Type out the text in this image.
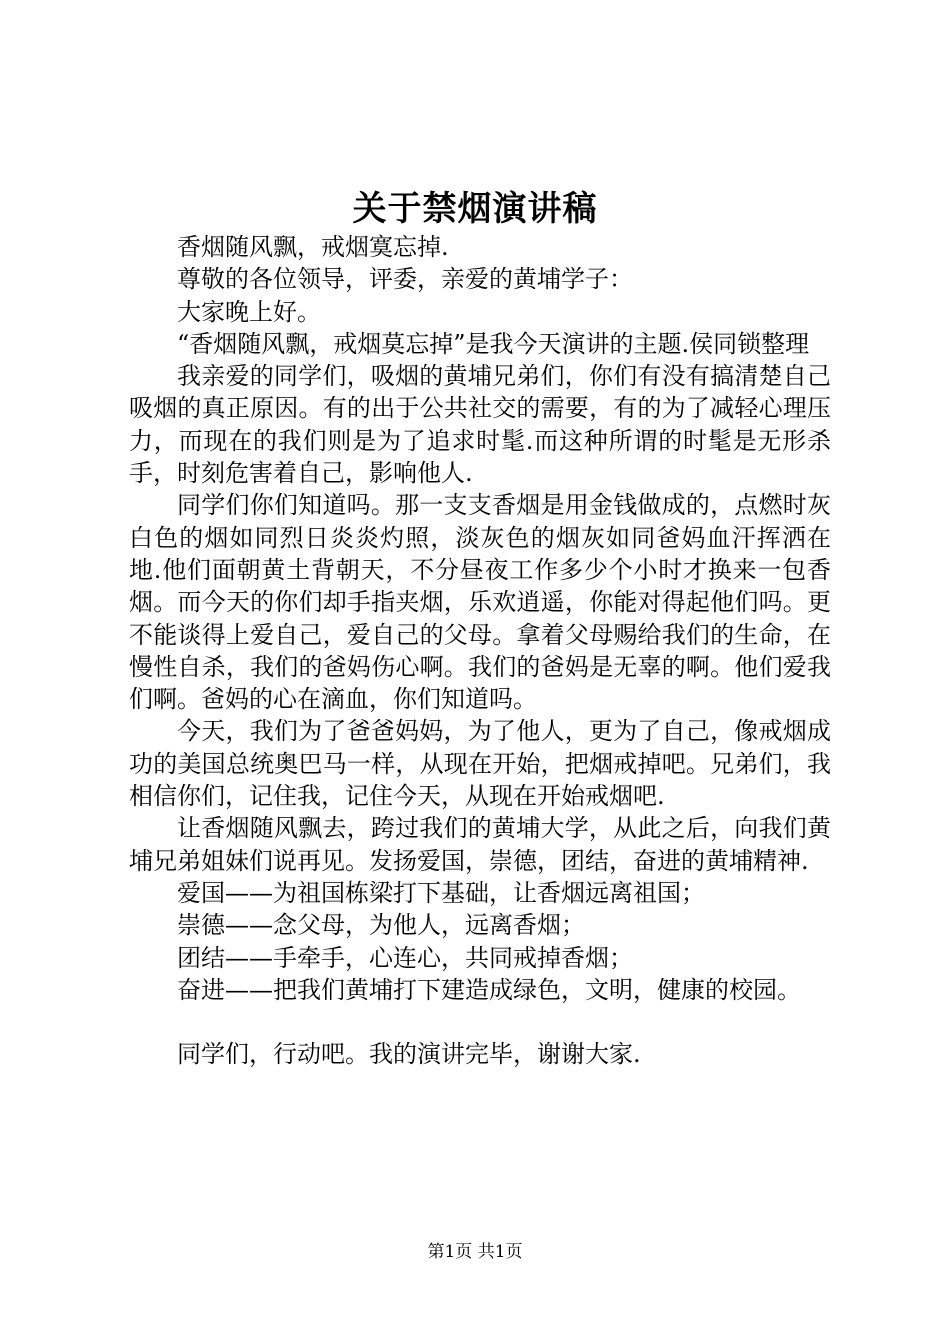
关于禁烟演讲稿

香烟随风飘，戒烟寞忘掉.

尊敬的各位领导，评委，亲爱的黄埔学子：

大家晚上好。

“香烟随风飘，戒烟莫忘掉”是我今天演讲的主题.侯同锁整理

我亲爱的同学们，吸烟的黄埔兄弟们，你们有没有搞清楚自己吸烟的真正原因。有的出于公共社交的需要，有的为了减轻心理压力，而现在的我们则是为了追求时髦.而这种所谓的时髦是无形杀手，时刻危害着自己，影响他人.

同学们你们知道吗。那一支支香烟是用金钱做成的，点燃时灰白色的烟如同烈日炎炎灼照，淡灰色的烟灰如同爸妈血汗挥洒在地.他们面朝黄土背朝天，不分昼夜工作多少个小时才换来一包香烟。而今天的你们却手指夹烟，乐欢逍遥，你能对得起他们吗。更不能谈得上爱自己，爱自己的父母。拿着父母赐给我们的生命，在慢性自杀，我们的爸妈伤心啊。我们的爸妈是无辜的啊。他们爱我们啊。爸妈的心在滴血，你们知道吗。

今天，我们为了爸爸妈妈，为了他人，更为了自己，像戒烟成功的美国总统奥巴马一样，从现在开始，把烟戒掉吧。兄弟们，我相信你们，记住我，记住今天，从现在开始戒烟吧.

让香烟随风飘去，跨过我们的黄埔大学，从此之后，向我们黄埔兄弟姐妹们说再见。发扬爱国，崇德，团结，奋进的黄埔精神.

爱国——为祖国栋梁打下基础，让香烟远离祖国；

崇德——念父母，为他人，远离香烟；

团结——手牵手，心连心，共同戒掉香烟；

奋进——把我们黄埔打下建造成绿色，文明，健康的校园。

同学们，行动吧。我的演讲完毕，谢谢大家.

第1页 共1页
